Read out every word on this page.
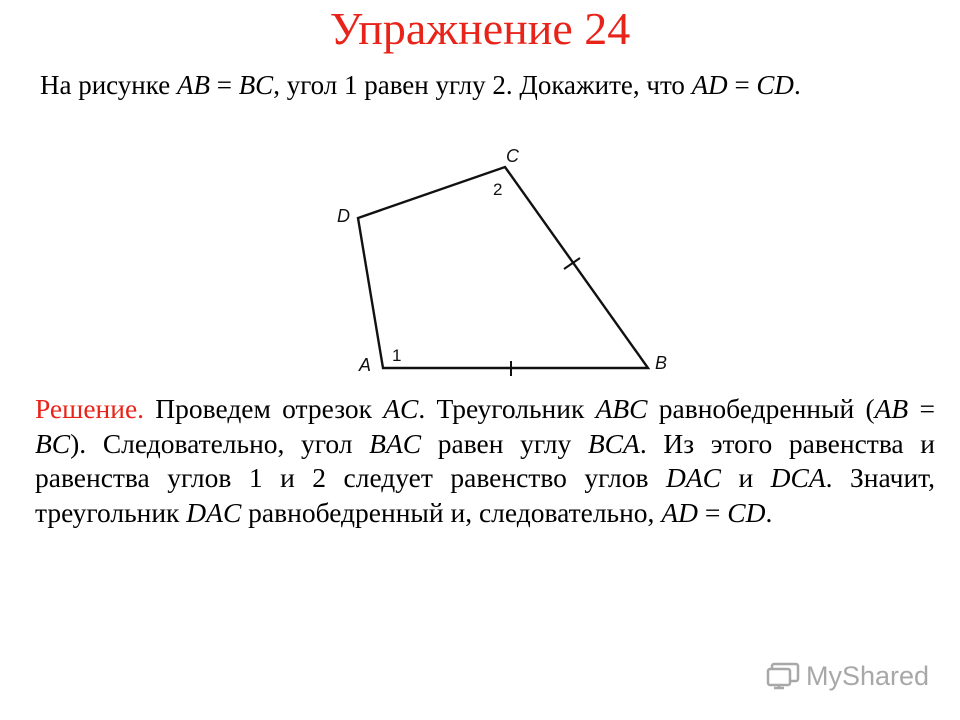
Упражнение 24
На рисунке AB = BC, угол 1 равен углу 2. Докажите, что AD = CD.
A	B
C
D
1
2
Решение. Проведем отрезок AC. Треугольник ABC равнобедренный (AB = BC). Следовательно, угол BAC равен углу BCA. Из этого равенства и равенства углов 1 и 2 следует равенство углов DAC и DCA. Значит, треугольник DAC равнобедренный и, следовательно, AD = CD.
MyShared
